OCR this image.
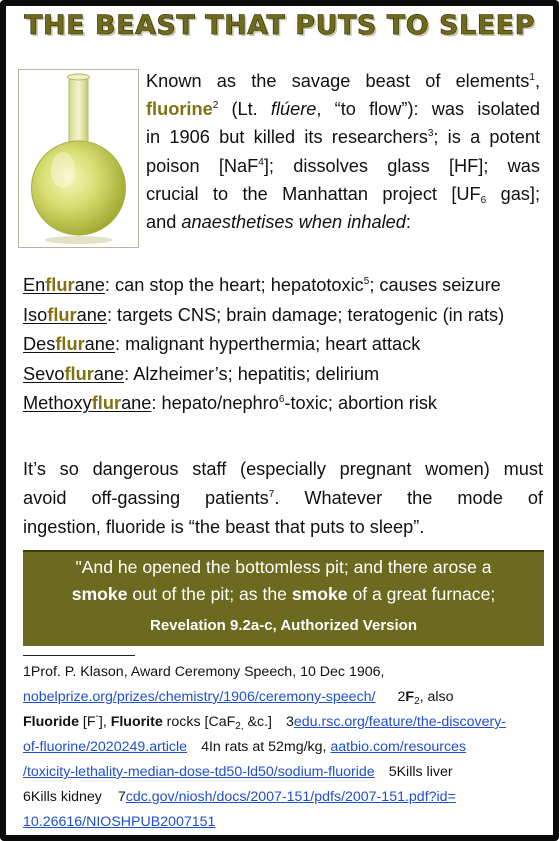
THE BEAST THAT PUTS TO SLEEP
Known as the savage beast of elements$^1$,
fluorine$^2$ (Lt. flúere, “to flow”): was isolated
in 1906 but killed its researchers$^3$; is a potent
poison [NaF$^4$]; dissolves glass [HF]; was
crucial to the Manhattan project [$UF_6$ gas];
and anaesthetises when inhaled:
Enflurane: can stop the heart; hepatotoxic$^5$; causes seizure
Isoflurane: targets CNS; brain damage; teratogenic (in rats)
Desflurane: malignant hyperthermia; heart attack
Sevoflurane: Alzheimer’s; hepatitis; delirium
Methoxyflurane: hepato/nephro$^6$-toxic; abortion risk
It’s so dangerous staff (especially pregnant women) must
avoid off-gassing patients$^7$. Whatever the mode of
ingestion, fluoride is “the beast that puts to sleep”.
"And he opened the bottomless pit; and there arose a
smoke out of the pit; as the smoke of a great furnace;
Revelation 9.2a-c, Authorized Version
1Prof. P. Klason, Award Ceremony Speech, 10 Dec 1906,
nobelprize.org/prizes/chemistry/1906/ceremony-speech/ $2F_2$, also
Fluoride [F-], Fluorite rocks [CaF$_{2,}$ &c.] 3edu.rsc.org/feature/the-discovery-
of-fluorine/2020249.article 4In rats at 52mg/kg, aatbio.com/resources
/toxicity-lethality-median-dose-td50-ld50/sodium-fluoride 5Kills liver
6Kills kidney 7cdc.gov/niosh/docs/2007-151/pdfs/2007-151.pdf?id=
10.26616/NIOSHPUB2007151
